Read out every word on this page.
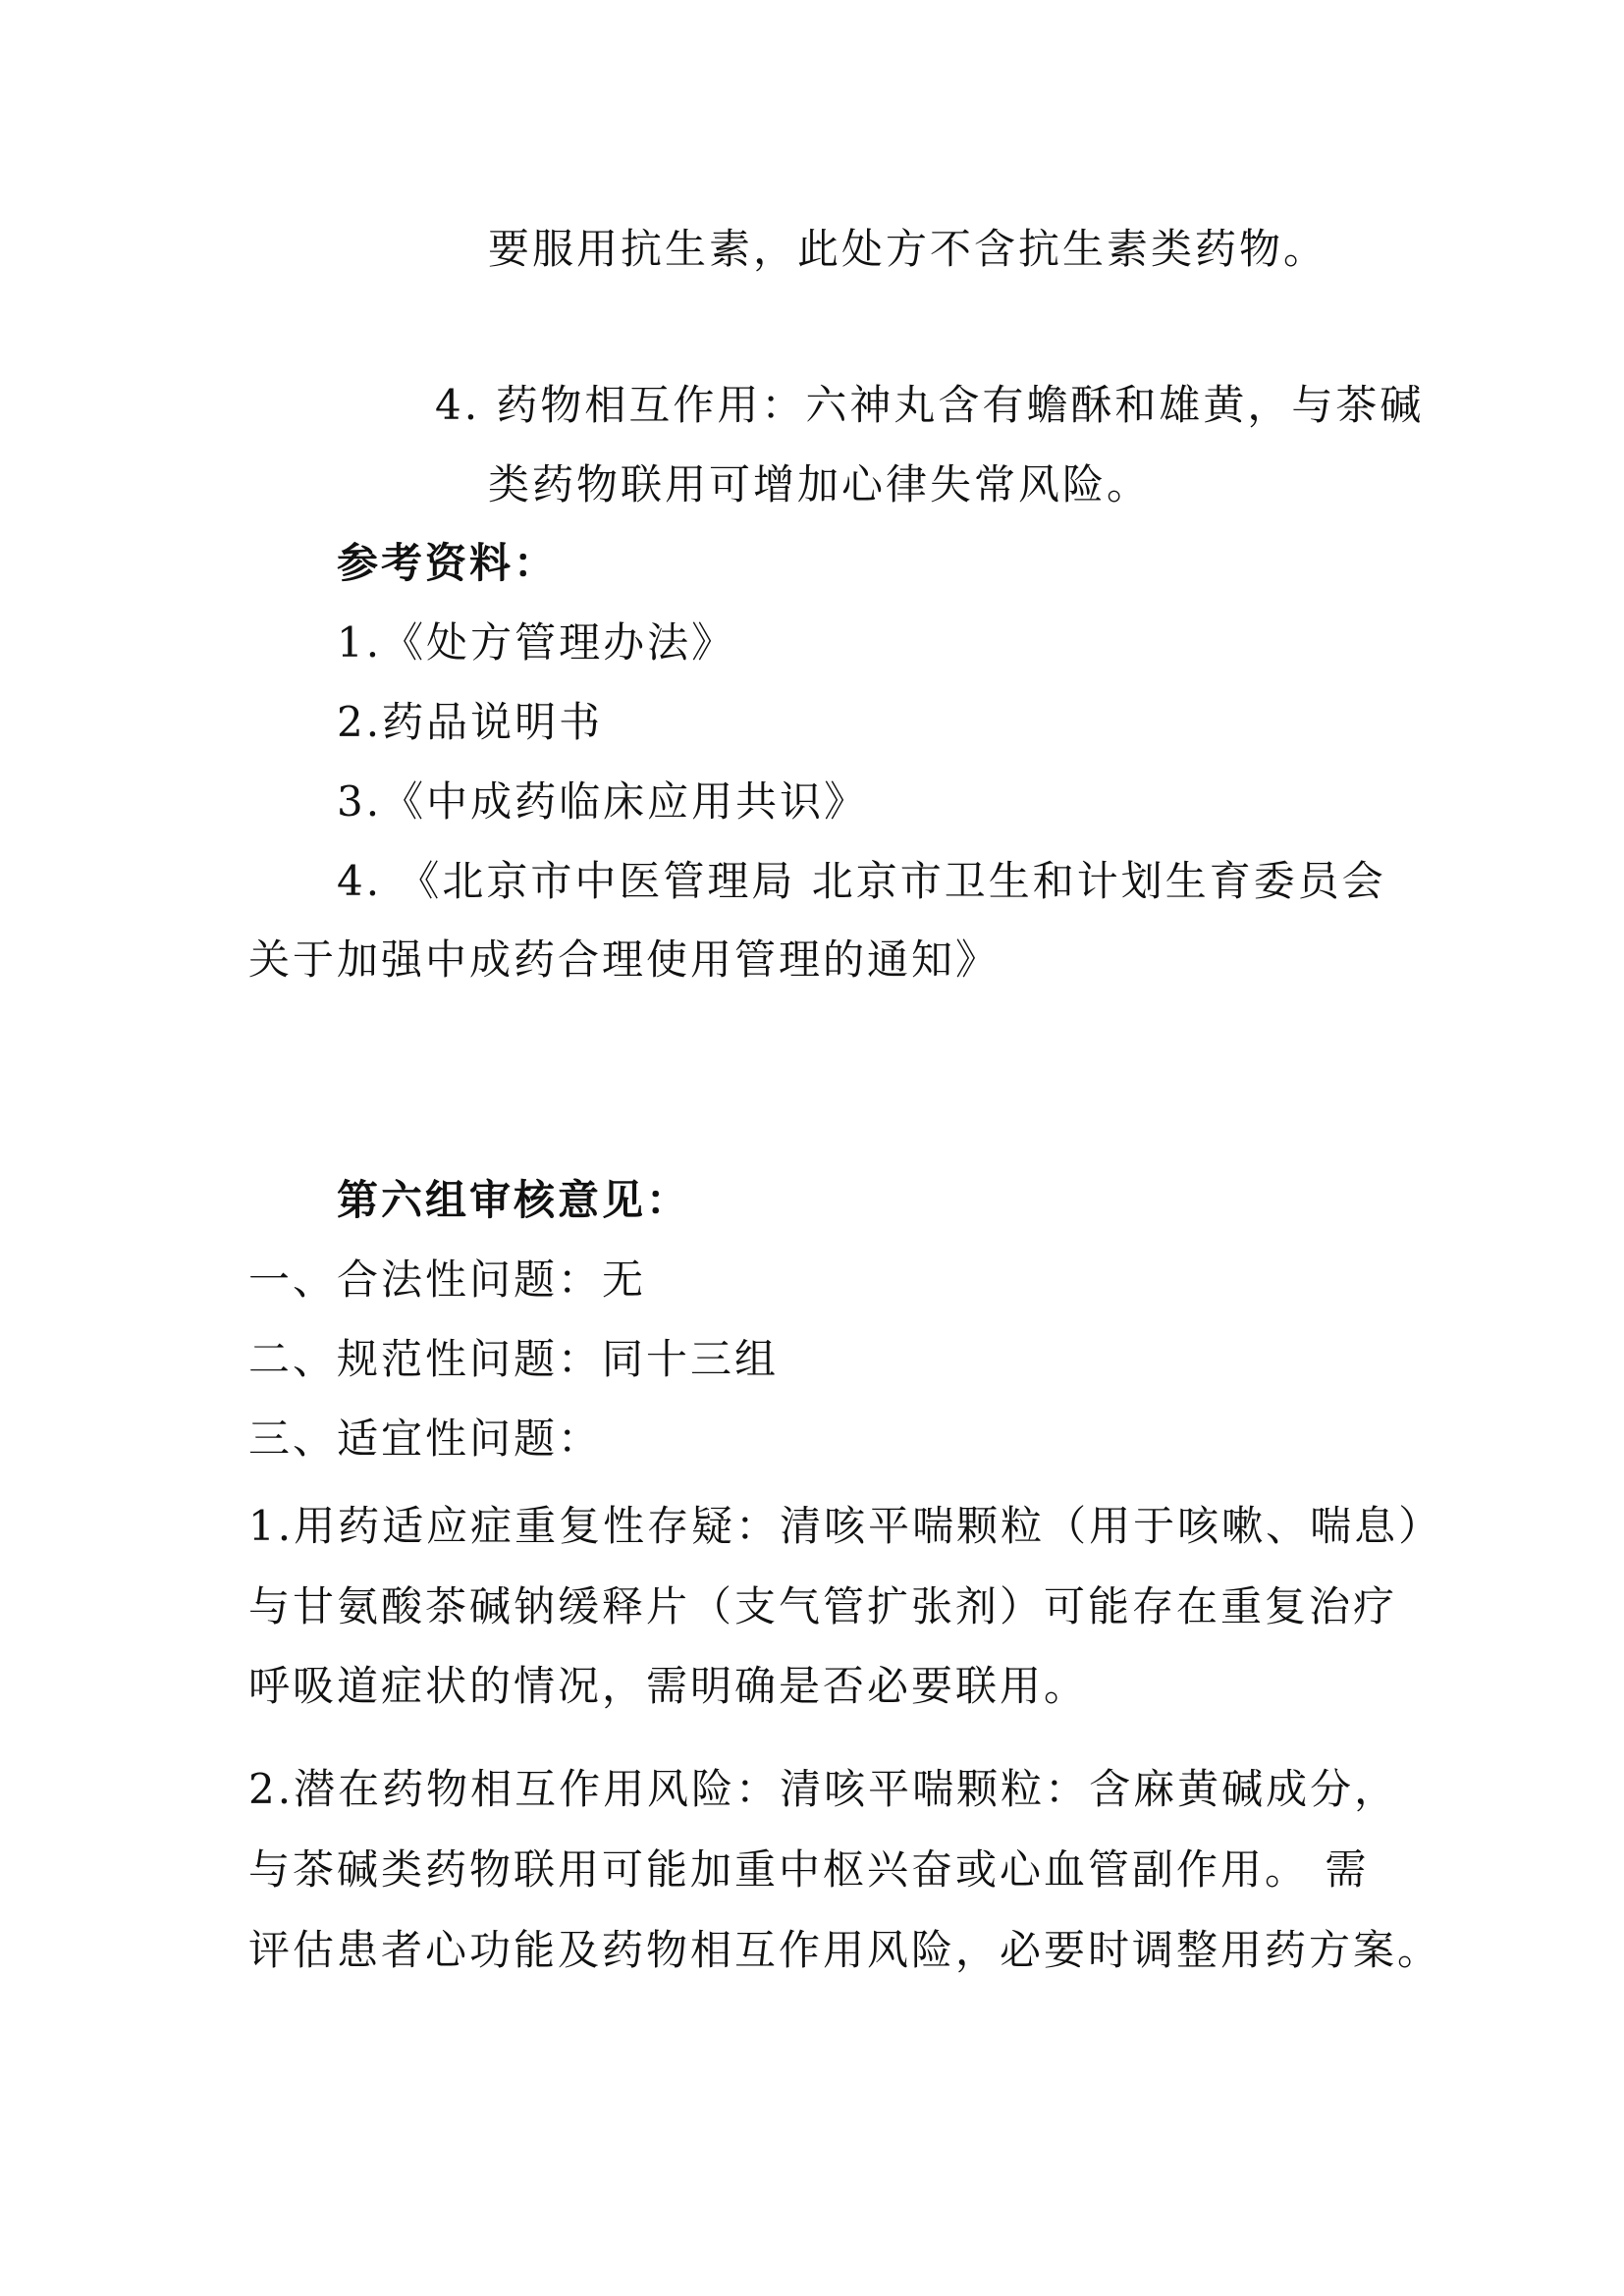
要服用抗生素，此处方不含抗生素类药物。

4. 药物相互作用：六神丸含有蟾酥和雄黄，与茶碱

类药物联用可增加心律失常风险。

参考资料：

1.《处方管理办法》

2.药品说明书

3.《中成药临床应用共识》

4. 《北京市中医管理局 北京市卫生和计划生育委员会

关于加强中成药合理使用管理的通知》

第六组审核意见：

一、合法性问题：无

二、规范性问题：同十三组

三、适宜性问题：

1.用药适应症重复性存疑：清咳平喘颗粒（用于咳嗽、喘息）

与甘氨酸茶碱钠缓释片（支气管扩张剂）可能存在重复治疗

呼吸道症状的情况，需明确是否必要联用。

2.潜在药物相互作用风险：清咳平喘颗粒：含麻黄碱成分，

与茶碱类药物联用可能加重中枢兴奋或心血管副作用。 需

评估患者心功能及药物相互作用风险，必要时调整用药方案。
